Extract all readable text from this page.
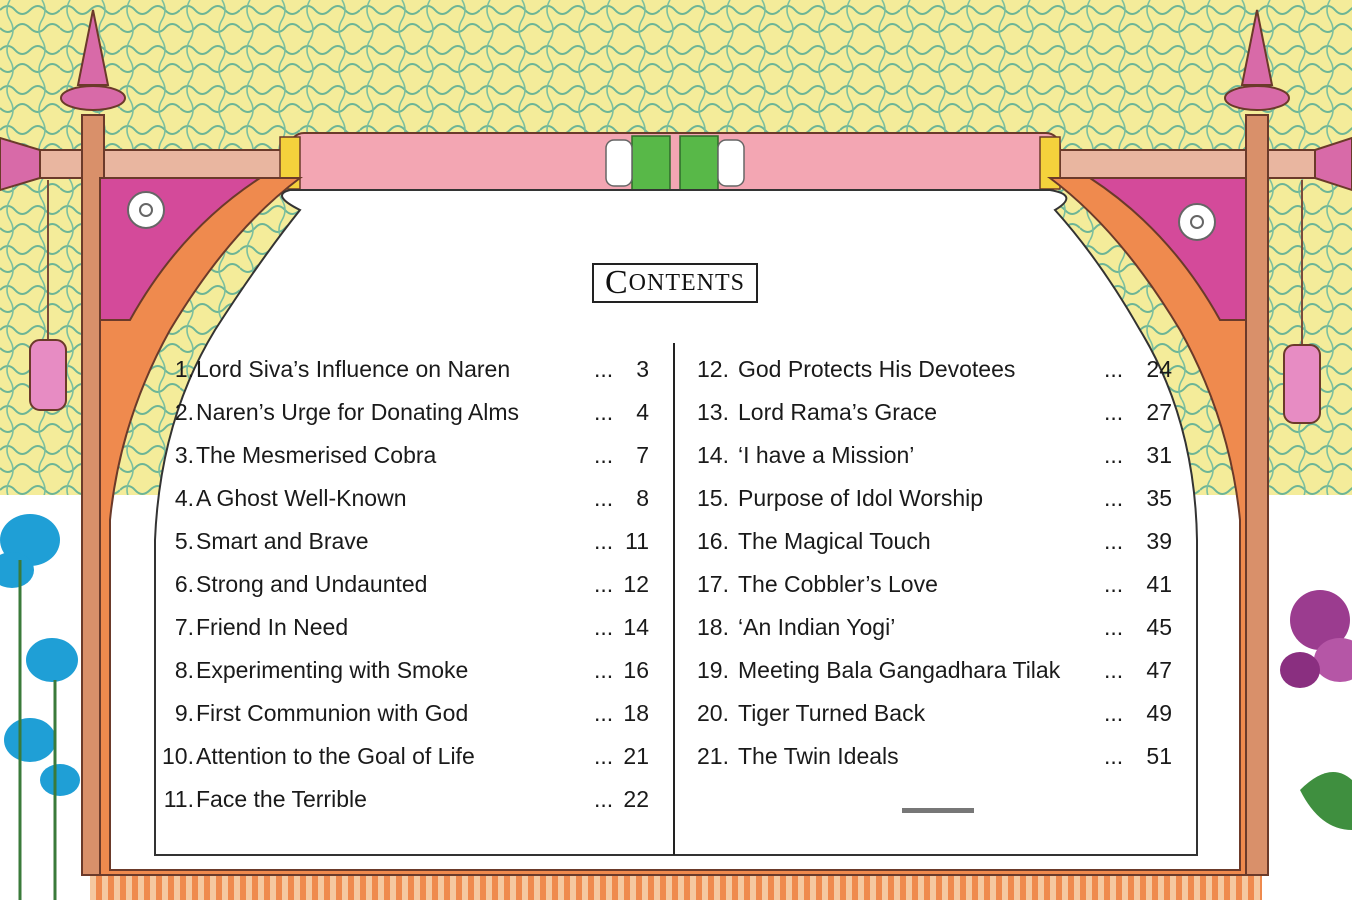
C ONTENTS
1. Lord Siva’s Influence on Naren	... 3
2. Naren’s Urge for Donating Alms	... 4
3. The Mesmerised Cobra	... 7
4. A Ghost Well-Known	... 8
5. Smart and Brave	... 11
6. Strong and Undaunted	... 12
7. Friend In Need	... 14
8. Experimenting with Smoke	... 16
9. First Communion with God	... 18
10. Attention to the Goal of Life	... 21
11. Face the Terrible	... 22
12. God Protects His Devotees	... 24
13. Lord Rama’s Grace	... 27
14. ‘I have a Mission’	... 31
15. Purpose of Idol Worship	... 35
16. The Magical Touch	... 39
17. The Cobbler’s Love	... 41
18. ‘An Indian Yogi’	... 45
19. Meeting Bala Gangadhara Tilak ... 47
20. Tiger Turned Back	... 49
21. The Twin Ideals	... 51
